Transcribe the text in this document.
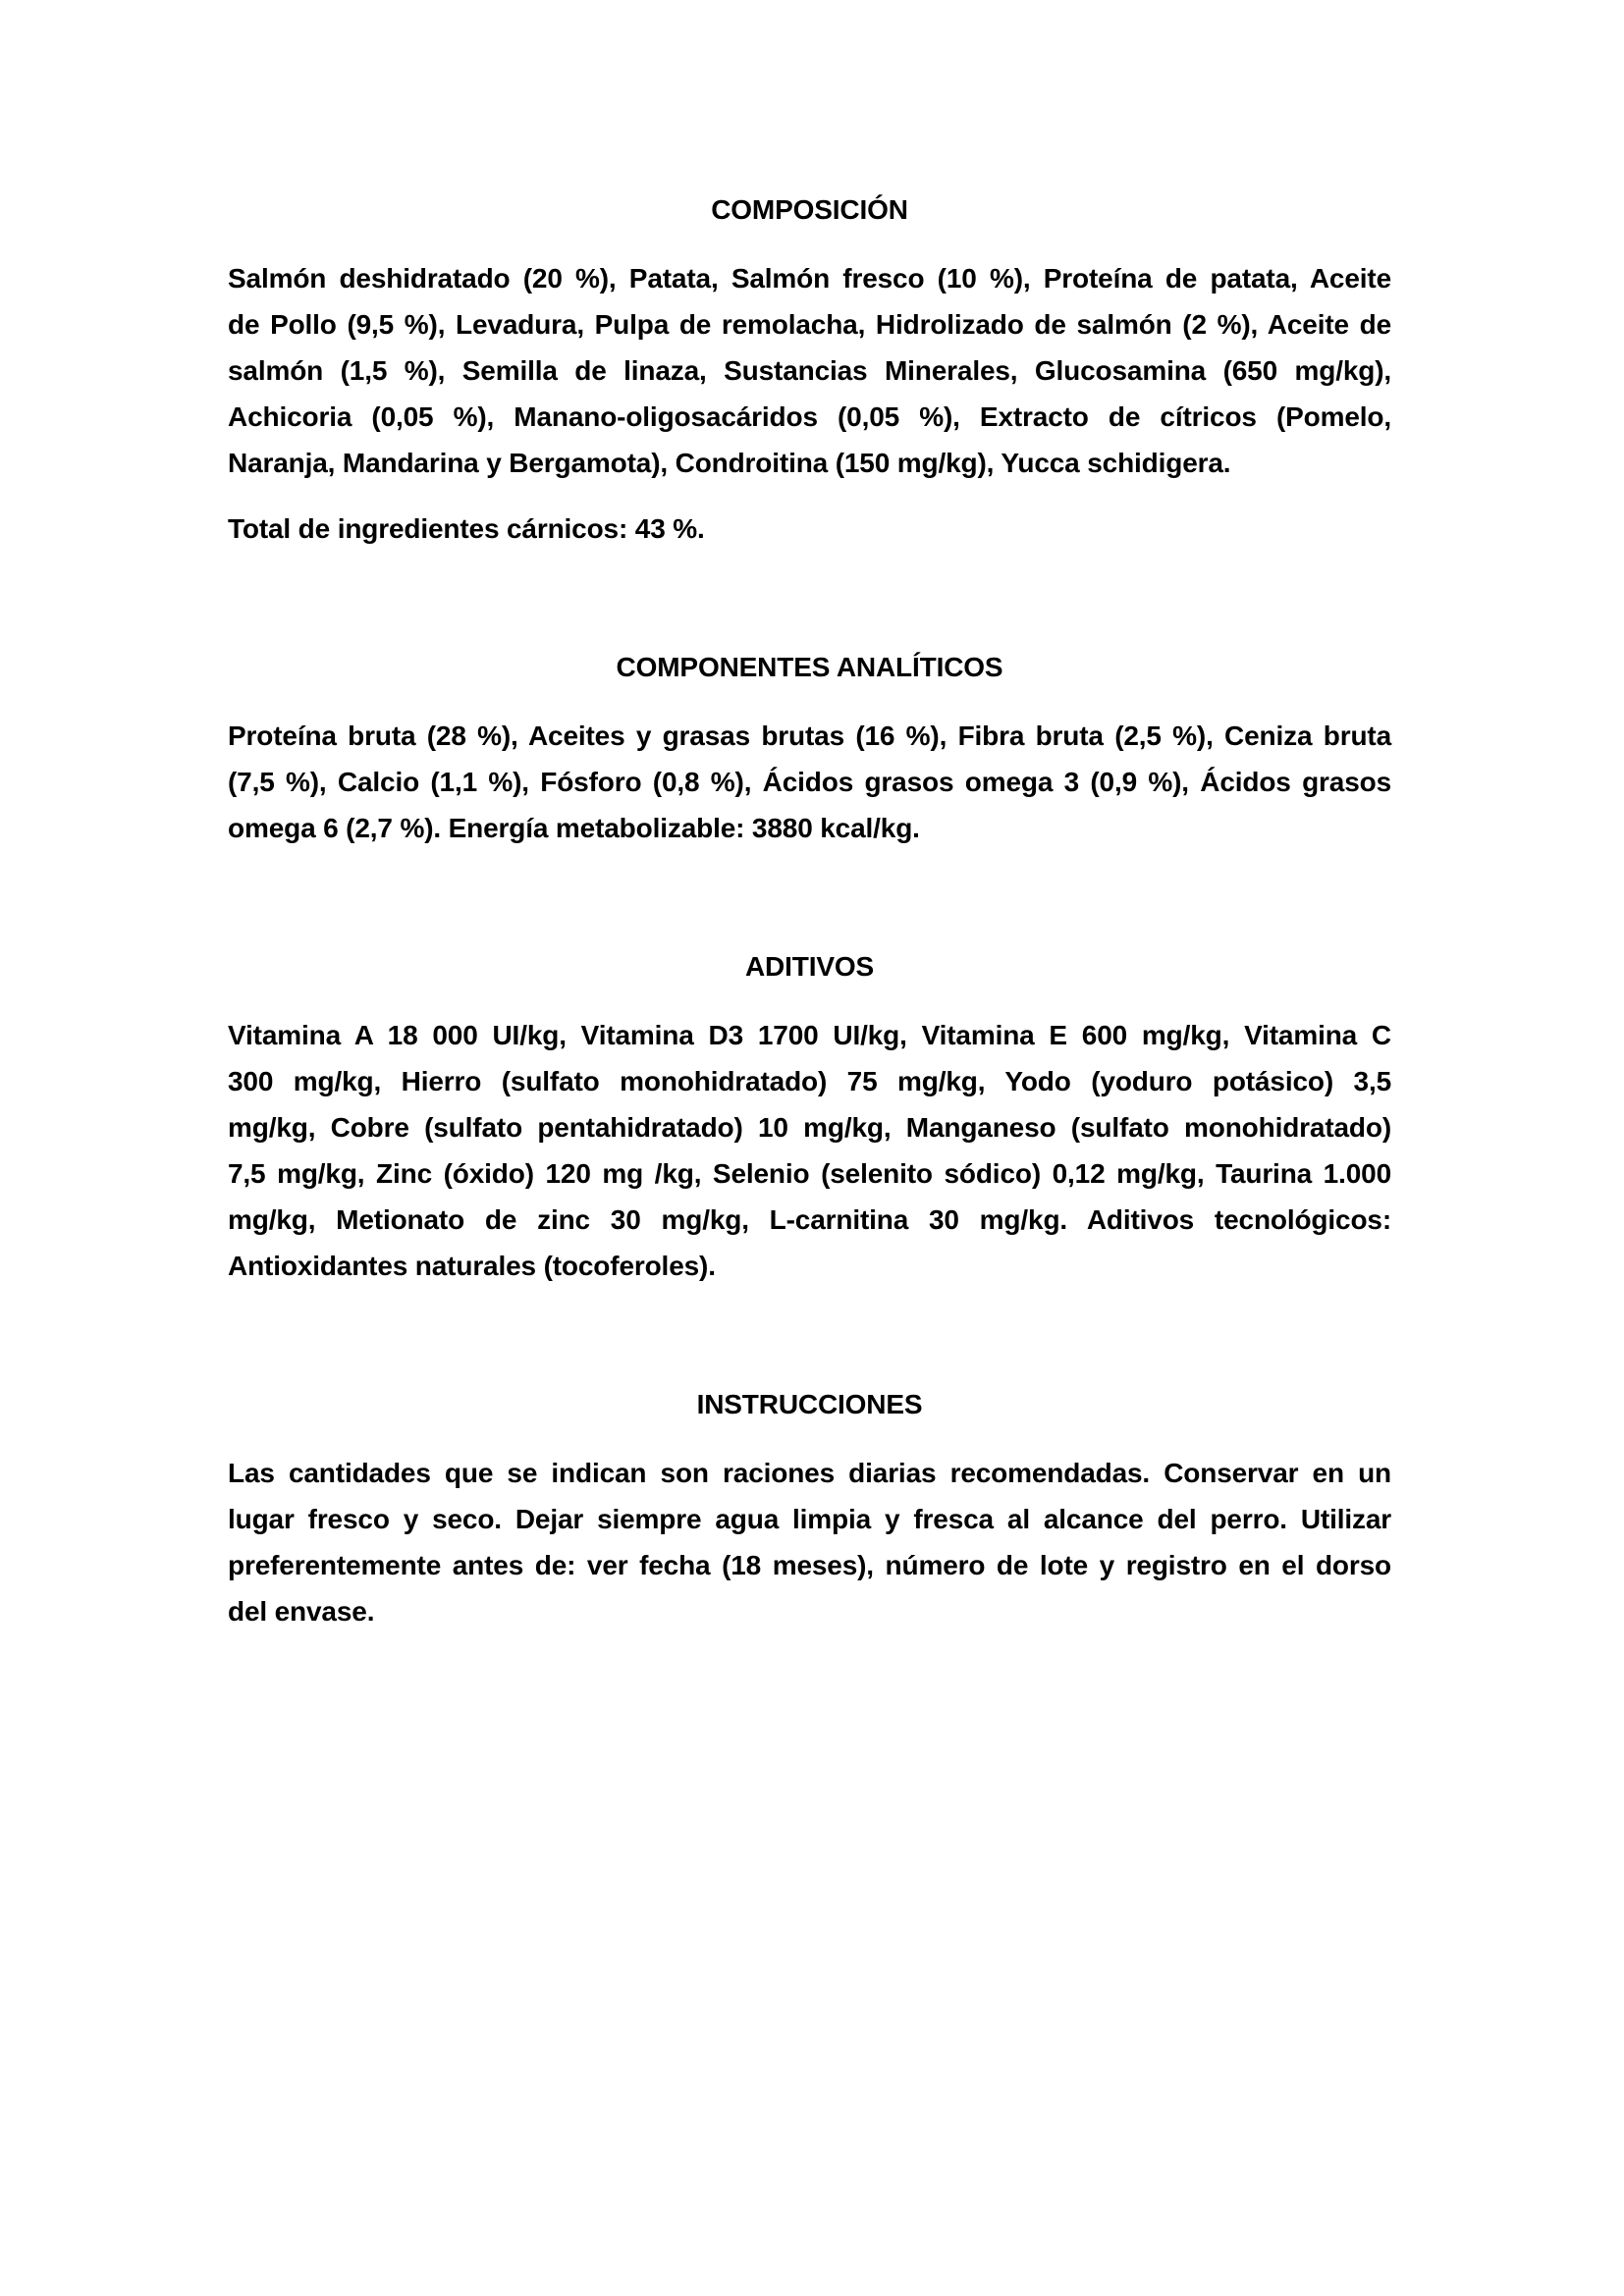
COMPOSICIÓN
Salmón deshidratado (20 %), Patata, Salmón fresco (10 %), Proteína de patata, Aceite
de Pollo (9,5 %), Levadura, Pulpa de remolacha, Hidrolizado de salmón (2 %), Aceite de
salmón (1,5 %), Semilla de linaza, Sustancias Minerales, Glucosamina (650 mg/kg),
Achicoria (0,05 %), Manano-oligosacáridos (0,05 %), Extracto de cítricos (Pomelo,
Naranja, Mandarina y Bergamota), Condroitina (150 mg/kg), Yucca schidigera.
Total de ingredientes cárnicos: 43 %.
COMPONENTES ANALÍTICOS
Proteína bruta (28 %), Aceites y grasas brutas (16 %), Fibra bruta (2,5 %), Ceniza bruta
(7,5 %), Calcio (1,1 %), Fósforo (0,8 %), Ácidos grasos omega 3 (0,9 %), Ácidos grasos
omega 6 (2,7 %). Energía metabolizable: 3880 kcal/kg.
ADITIVOS
Vitamina A 18 000 UI/kg, Vitamina D3 1700 UI/kg, Vitamina E 600 mg/kg, Vitamina C
300 mg/kg, Hierro (sulfato monohidratado) 75 mg/kg, Yodo (yoduro potásico) 3,5
mg/kg, Cobre (sulfato pentahidratado) 10 mg/kg, Manganeso (sulfato monohidratado)
7,5 mg/kg, Zinc (óxido) 120 mg /kg, Selenio (selenito sódico) 0,12 mg/kg, Taurina 1.000
mg/kg, Metionato de zinc 30 mg/kg, L-carnitina 30 mg/kg. Aditivos tecnológicos:
Antioxidantes naturales (tocoferoles).
INSTRUCCIONES
Las cantidades que se indican son raciones diarias recomendadas. Conservar en un
lugar fresco y seco. Dejar siempre agua limpia y fresca al alcance del perro. Utilizar
preferentemente antes de: ver fecha (18 meses), número de lote y registro en el dorso
del envase.
